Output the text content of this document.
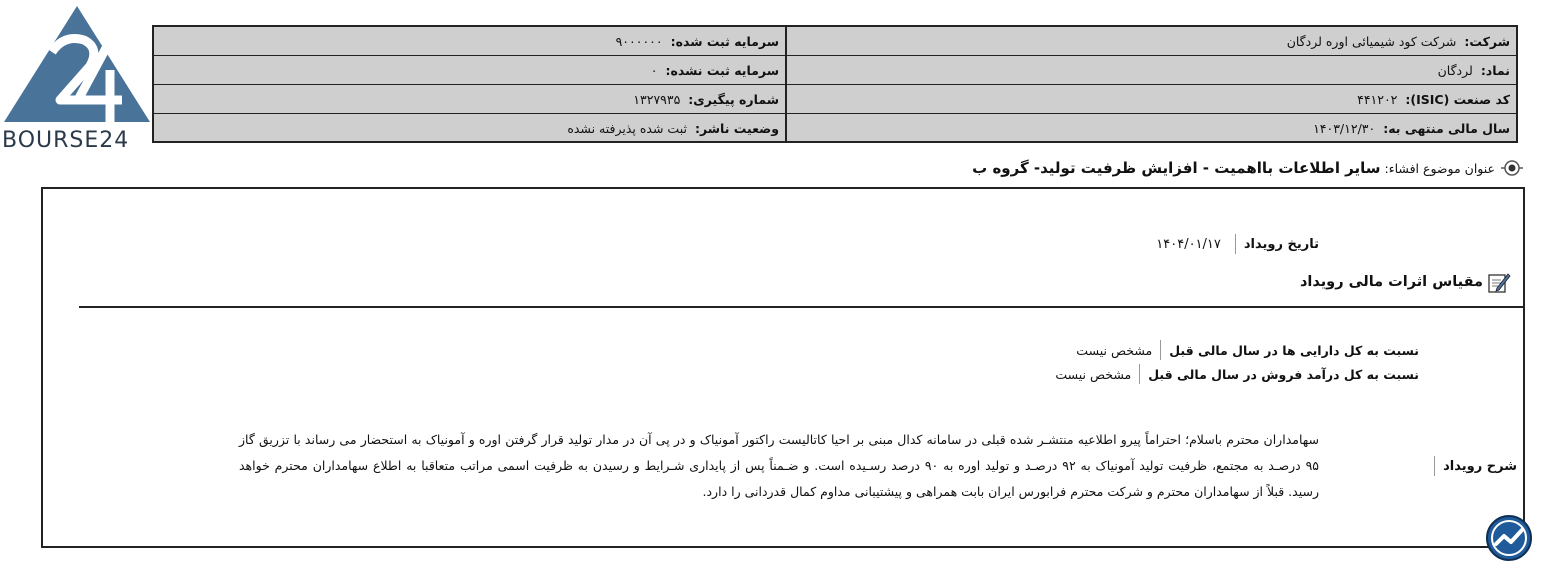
BOURSE24
شرکت:
شرکت کود شیمیائی اوره لردگان
سرمایه ثبت شده:
۹۰۰۰۰۰۰
نماد:
لردگان
سرمایه ثبت نشده:
۰
کد صنعت (ISIC):
۴۴۱۲۰۲
شماره پیگیری:
۱۳۲۷۹۳۵
سال مالی منتهی به:
۱۴۰۳/۱۲/۳۰
وضعیت ناشر:
ثبت شده پذیرفته نشده
عنوان موضوع افشاء:
سایر اطلاعات بااهمیت - افزایش ظرفیت تولید- گروه ب
تاریخ رویداد
۱۴۰۴/۰۱/۱۷
مقیاس اثرات مالی رویداد
نسبت به کل دارایی ها در سال مالی قبل
مشخص نیست
نسبت به کل درآمد فروش در سال مالی قبل
مشخص نیست
شرح رویداد
سهامداران محترم باسلام؛ احتراماً پیرو اطلاعیه منتشـر شده قبلی در سامانه کدال مبنی بر احیا کاتالیست راکتور آمونیاک و در پی آن در مدار تولید قرار گرفتن اوره و آمونیاک به استحضار می رساند با تزریق گاز ۹۵ درصـد به مجتمع، ظرفیت تولید آمونیاک به ۹۲ درصـد و تولید اوره به ۹۰ درصد رسـیده است. و ضـمناً پس از پایداری شـرایط و رسیدن به ظرفیت اسمی مراتب متعاقبا به اطلاع سهامداران محترم خواهد رسید. قبلاً از سهامداران محترم و شرکت محترم فرابورس ایران بابت همراهی و پیشتیبانی مداوم کمال قدردانی را دارد.
